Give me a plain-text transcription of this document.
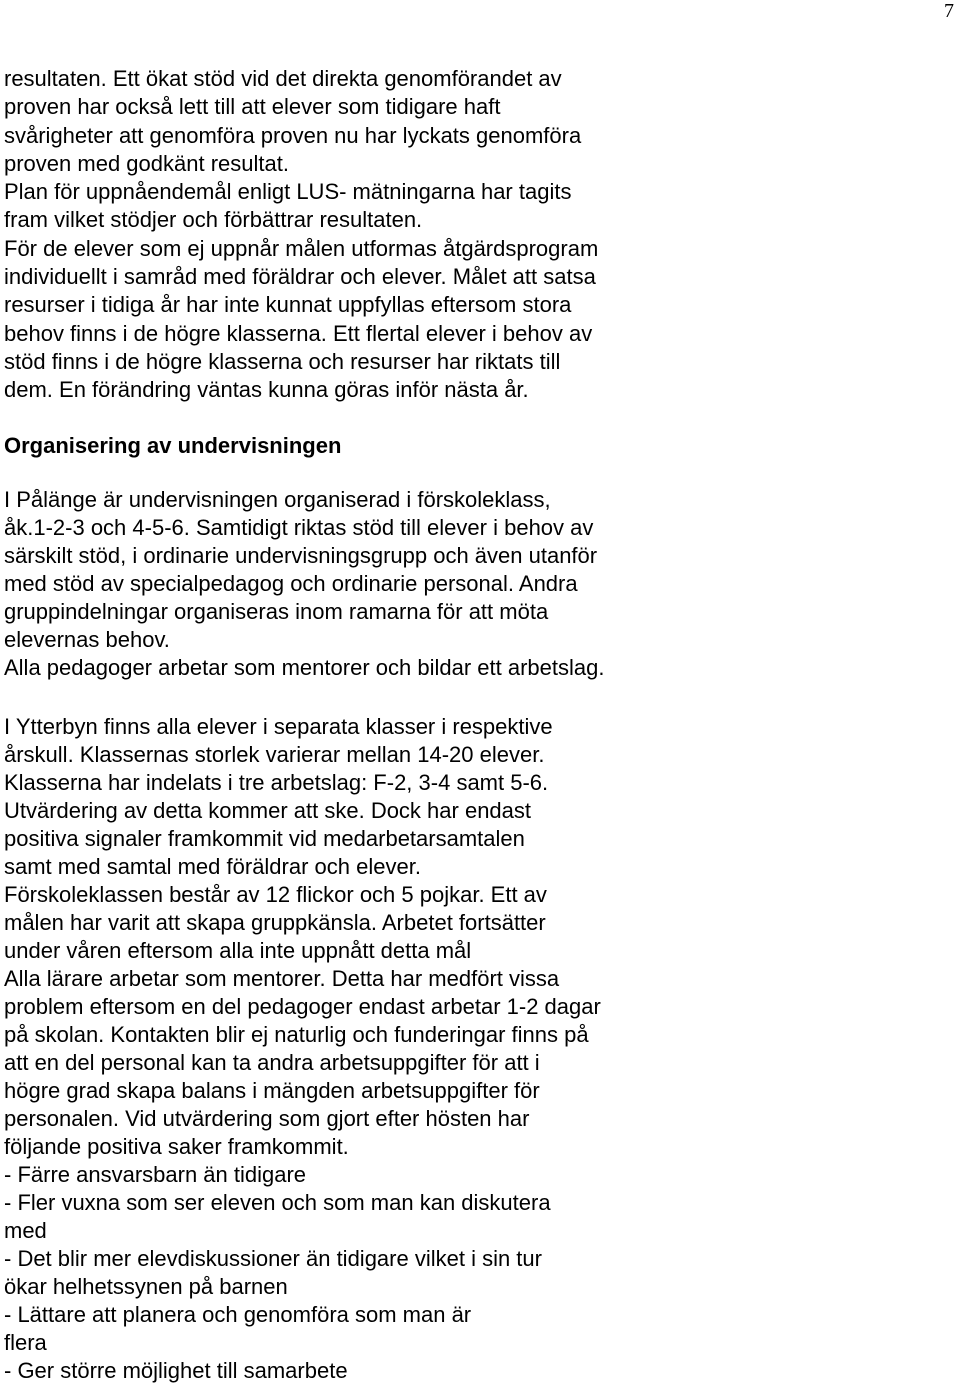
7
resultaten. Ett ökat stöd vid det direkta genomförandet av
proven har också lett till att elever som tidigare haft
svårigheter att genomföra proven nu har lyckats genomföra
proven med godkänt resultat.
Plan för uppnåendemål enligt LUS- mätningarna har tagits
fram vilket stödjer och förbättrar resultaten.
För de elever som ej uppnår målen utformas åtgärdsprogram
individuellt i samråd med föräldrar och elever. Målet att satsa
resurser i tidiga år har inte kunnat uppfyllas eftersom stora
behov finns i de högre klasserna. Ett flertal elever i behov av
stöd finns i de högre klasserna och resurser har riktats till
dem. En förändring väntas kunna göras inför nästa år.
Organisering av undervisningen
I Pålänge är undervisningen organiserad i förskoleklass,
åk.1-2-3 och 4-5-6. Samtidigt riktas stöd till elever i behov av
särskilt stöd, i ordinarie undervisningsgrupp och även utanför
med stöd av specialpedagog och ordinarie personal. Andra
gruppindelningar organiseras inom ramarna för att möta
elevernas behov.
Alla pedagoger arbetar som mentorer och bildar ett arbetslag.
I Ytterbyn finns alla elever i separata klasser i respektive
årskull. Klassernas storlek varierar mellan 14-20 elever.
Klasserna har indelats i tre arbetslag: F-2, 3-4 samt 5-6.
Utvärdering av detta kommer att ske. Dock har endast
positiva signaler framkommit vid medarbetarsamtalen
samt med samtal med föräldrar och elever.
Förskoleklassen består av 12 flickor och 5 pojkar. Ett av
målen har varit att skapa gruppkänsla. Arbetet fortsätter
under våren eftersom alla inte uppnått detta mål
Alla lärare arbetar som mentorer. Detta har medfört vissa
problem eftersom en del pedagoger endast arbetar 1-2 dagar
på skolan. Kontakten blir ej naturlig och funderingar finns på
att en del personal kan ta andra arbetsuppgifter för att i
högre grad skapa balans i mängden arbetsuppgifter för
personalen. Vid utvärdering som gjort efter hösten har
följande positiva saker framkommit.
- Färre ansvarsbarn än tidigare
- Fler vuxna som ser eleven och som man kan diskutera
med
- Det blir mer elevdiskussioner än tidigare vilket i sin tur
ökar helhetssynen på barnen
- Lättare att planera och genomföra som man är
flera
- Ger större möjlighet till samarbete
